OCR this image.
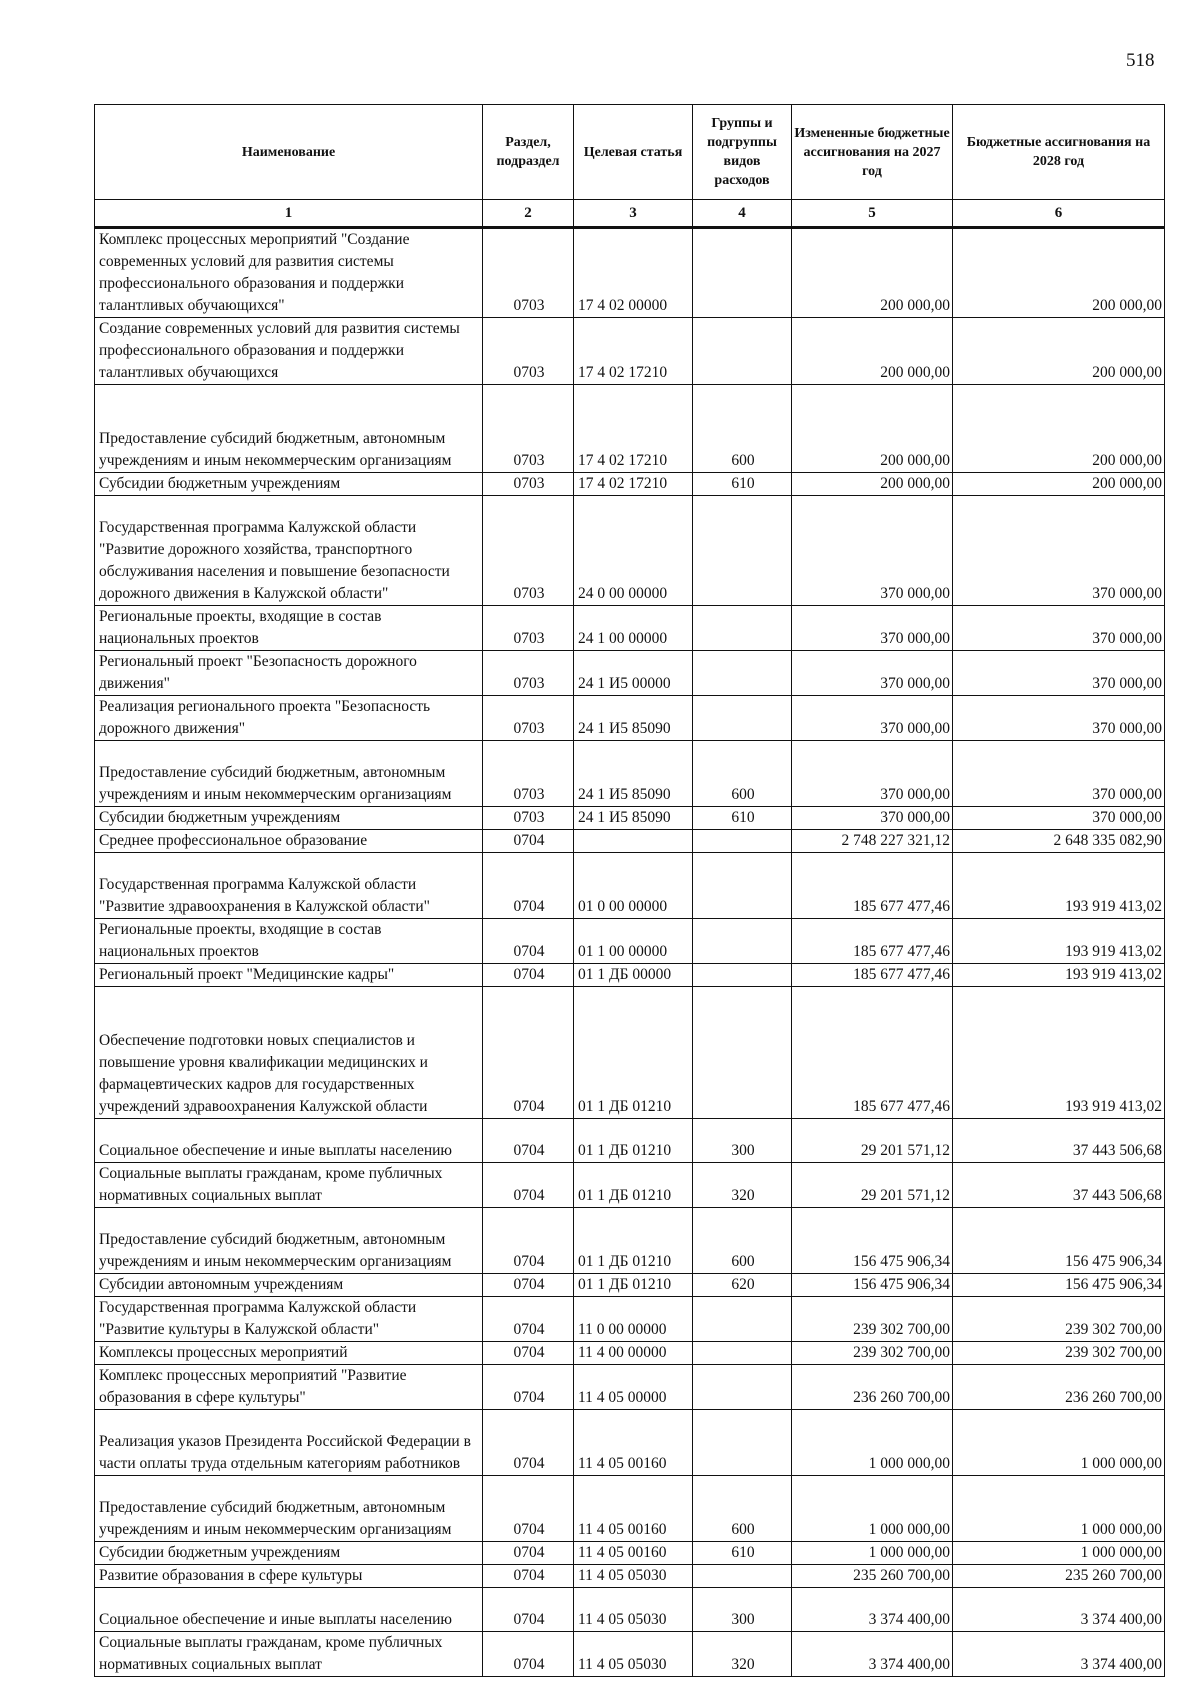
518
Наименование	Раздел, подраздел	Целевая статья	Группы и подгруппы видов расходов	Измененные бюджетные ассигнования на 2027 год	Бюджетные ассигнования на 2028 год
1	2	3	4	5	6
Комплекс процессных мероприятий "Создание современных условий для развития системы профессионального образования и поддержки талантливых обучающихся"	0703	17 4 02 00000		200 000,00	200 000,00
Создание современных условий для развития системы профессионального образования и поддержки талантливых обучающихся	0703	17 4 02 17210		200 000,00	200 000,00
Предоставление субсидий бюджетным, автономным учреждениям и иным некоммерческим организациям	0703	17 4 02 17210	600	200 000,00	200 000,00
Субсидии бюджетным учреждениям	0703	17 4 02 17210	610	200 000,00	200 000,00
Государственная программа Калужской области "Развитие дорожного хозяйства, транспортного обслуживания населения и повышение безопасности дорожного движения в Калужской области"	0703	24 0 00 00000		370 000,00	370 000,00
Региональные проекты, входящие в состав национальных проектов	0703	24 1 00 00000		370 000,00	370 000,00
Региональный проект "Безопасность дорожного движения"	0703	24 1 И5 00000		370 000,00	370 000,00
Реализация регионального проекта "Безопасность дорожного движения"	0703	24 1 И5 85090		370 000,00	370 000,00
Предоставление субсидий бюджетным, автономным учреждениям и иным некоммерческим организациям	0703	24 1 И5 85090	600	370 000,00	370 000,00
Субсидии бюджетным учреждениям	0703	24 1 И5 85090	610	370 000,00	370 000,00
Среднее профессиональное образование	0704			2 748 227 321,12	2 648 335 082,90
Государственная программа Калужской области "Развитие здравоохранения в Калужской области"	0704	01 0 00 00000		185 677 477,46	193 919 413,02
Региональные проекты, входящие в состав национальных проектов	0704	01 1 00 00000		185 677 477,46	193 919 413,02
Региональный проект "Медицинские кадры"	0704	01 1 ДБ 00000		185 677 477,46	193 919 413,02
Обеспечение подготовки новых специалистов и повышение уровня квалификации медицинских и фармацевтических кадров для государственных учреждений здравоохранения Калужской области	0704	01 1 ДБ 01210		185 677 477,46	193 919 413,02
Социальное обеспечение и иные выплаты населению	0704	01 1 ДБ 01210	300	29 201 571,12	37 443 506,68
Социальные выплаты гражданам, кроме публичных нормативных социальных выплат	0704	01 1 ДБ 01210	320	29 201 571,12	37 443 506,68
Предоставление субсидий бюджетным, автономным учреждениям и иным некоммерческим организациям	0704	01 1 ДБ 01210	600	156 475 906,34	156 475 906,34
Субсидии автономным учреждениям	0704	01 1 ДБ 01210	620	156 475 906,34	156 475 906,34
Государственная программа Калужской области "Развитие культуры в Калужской области"	0704	11 0 00 00000		239 302 700,00	239 302 700,00
Комплексы процессных мероприятий	0704	11 4 00 00000		239 302 700,00	239 302 700,00
Комплекс процессных мероприятий "Развитие образования в сфере культуры"	0704	11 4 05 00000		236 260 700,00	236 260 700,00
Реализация указов Президента Российской Федерации в части оплаты труда отдельным категориям работников	0704	11 4 05 00160		1 000 000,00	1 000 000,00
Предоставление субсидий бюджетным, автономным учреждениям и иным некоммерческим организациям	0704	11 4 05 00160	600	1 000 000,00	1 000 000,00
Субсидии бюджетным учреждениям	0704	11 4 05 00160	610	1 000 000,00	1 000 000,00
Развитие образования в сфере культуры	0704	11 4 05 05030		235 260 700,00	235 260 700,00
Социальное обеспечение и иные выплаты населению	0704	11 4 05 05030	300	3 374 400,00	3 374 400,00
Социальные выплаты гражданам, кроме публичных нормативных социальных выплат	0704	11 4 05 05030	320	3 374 400,00	3 374 400,00
